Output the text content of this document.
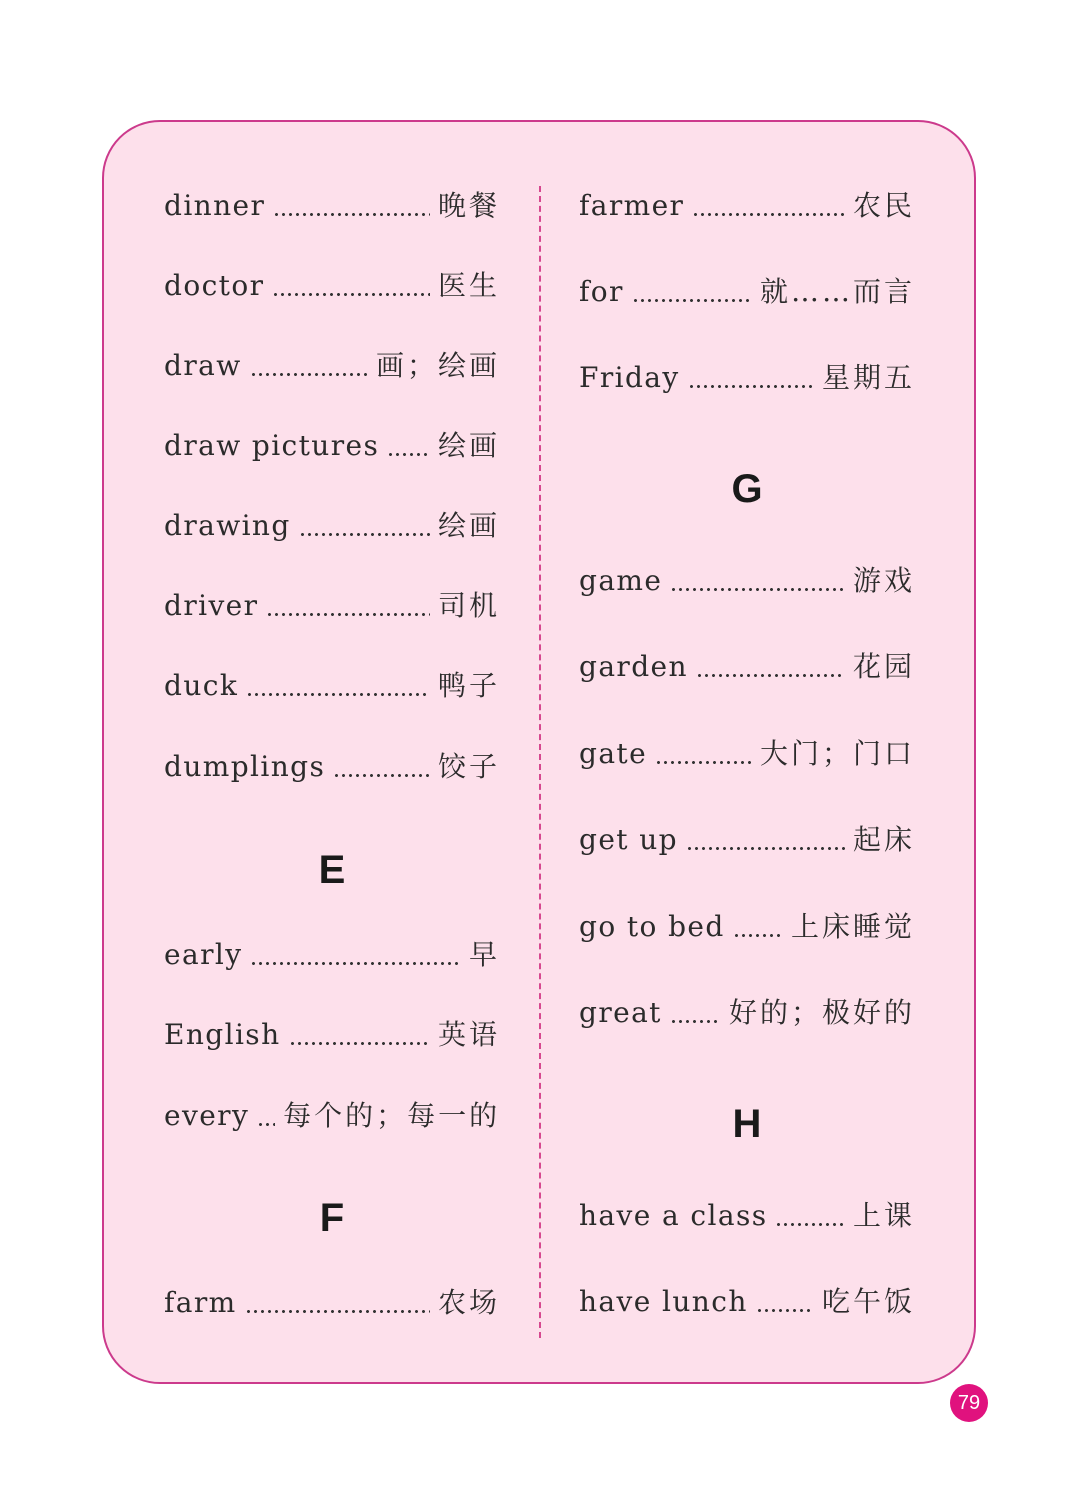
dinner	晚餐
doctor	医生
draw	画；绘画
draw pictures 绘画
drawing	绘画
driver	司机
duck	鸭子
dumplings	饺子
E
early	早
English	英语
every 每个的；每一的
F
farm	农场
farmer	农民
for	就……而言
Friday	星期五
G
game	游戏
garden	花园
gate	大门；门口
get up	起床
go to bed 上床睡觉
great 好的；极好的
H
have a class	上课
have lunch	吃午饭
79
